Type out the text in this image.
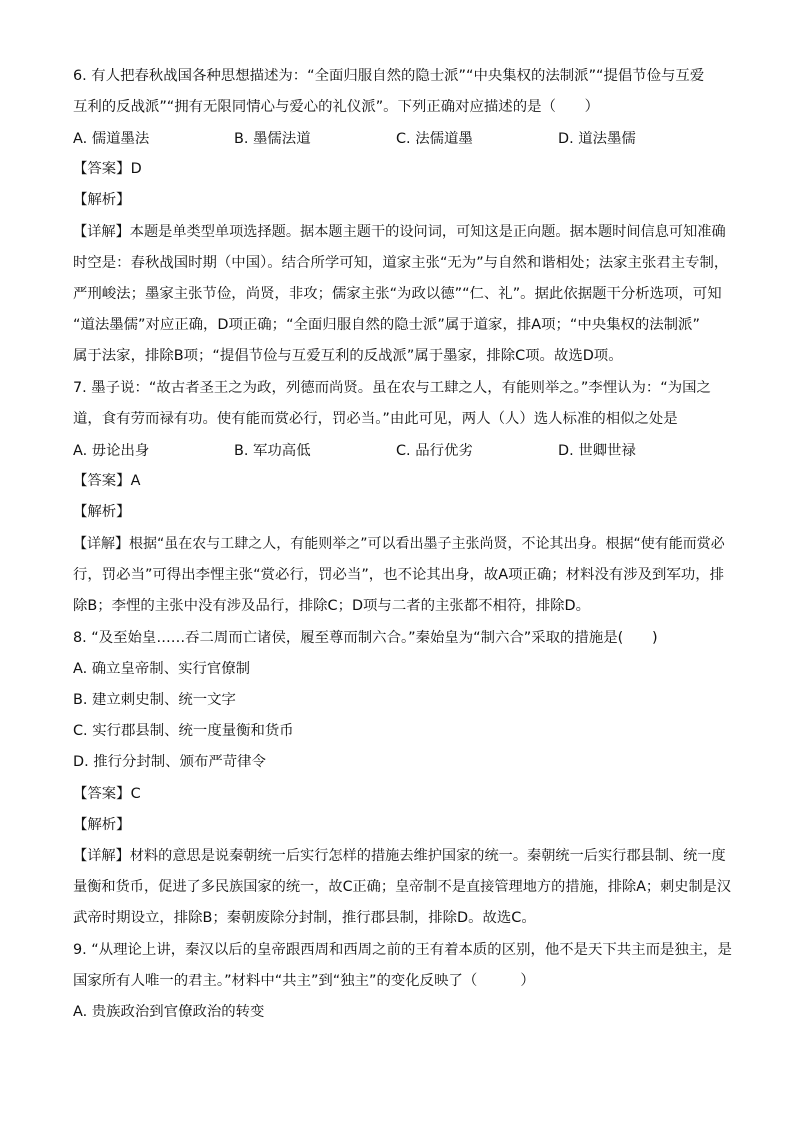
6. 有人把春秋战国各种思想描述为：“全面归服自然的隐士派”“中央集权的法制派”“提倡节俭与互爱
互利的反战派”“拥有无限同情心与爱心的礼仪派”。下列正确对应描述的是（　　）
A. 儒道墨法	B. 墨儒法道	C. 法儒道墨	D. 道法墨儒
【答案】D
【解析】
【详解】本题是单类型单项选择题。据本题主题干的设问词，可知这是正向题。据本题时间信息可知准确
时空是：春秋战国时期（中国）。结合所学可知，道家主张“无为”与自然和谐相处；法家主张君主专制，
严刑峻法；墨家主张节俭，尚贤，非攻；儒家主张“为政以德”“仁、礼”。据此依据题干分析选项，可知
“道法墨儒”对应正确，D项正确；“全面归服自然的隐士派”属于道家，排A项；“中央集权的法制派”
属于法家，排除B项；“提倡节俭与互爱互利的反战派”属于墨家，排除C项。故选D项。
7. 墨子说：“故古者圣王之为政，列德而尚贤。虽在农与工肆之人，有能则举之。”李悝认为：“为国之
道，食有劳而禄有功。使有能而赏必行，罚必当。”由此可见，两人（人）选人标准的相似之处是
A. 毋论出身	B. 军功高低	C. 品行优劣	D. 世卿世禄
【答案】A
【解析】
【详解】根据“虽在农与工肆之人，有能则举之”可以看出墨子主张尚贤，不论其出身。根据“使有能而赏必
行，罚必当”可得出李悝主张“赏必行，罚必当”，也不论其出身，故A项正确；材料没有涉及到军功，排
除B；李悝的主张中没有涉及品行，排除C；D项与二者的主张都不相符，排除D。
8. “及至始皇……吞二周而亡诸侯，履至尊而制六合。”秦始皇为“制六合”采取的措施是(　　)
A. 确立皇帝制、实行官僚制
B. 建立刺史制、统一文字
C. 实行郡县制、统一度量衡和货币
D. 推行分封制、颁布严苛律令
【答案】C
【解析】
【详解】材料的意思是说秦朝统一后实行怎样的措施去维护国家的统一。秦朝统一后实行郡县制、统一度
量衡和货币，促进了多民族国家的统一，故C正确；皇帝制不是直接管理地方的措施，排除A；刺史制是汉
武帝时期设立，排除B；秦朝废除分封制，推行郡县制，排除D。故选C。
9. “从理论上讲，秦汉以后的皇帝跟西周和西周之前的王有着本质的区别，他不是天下共主而是独主，是
国家所有人唯一的君主。”材料中“共主”到“独主”的变化反映了（　　　）
A. 贵族政治到官僚政治的转变
